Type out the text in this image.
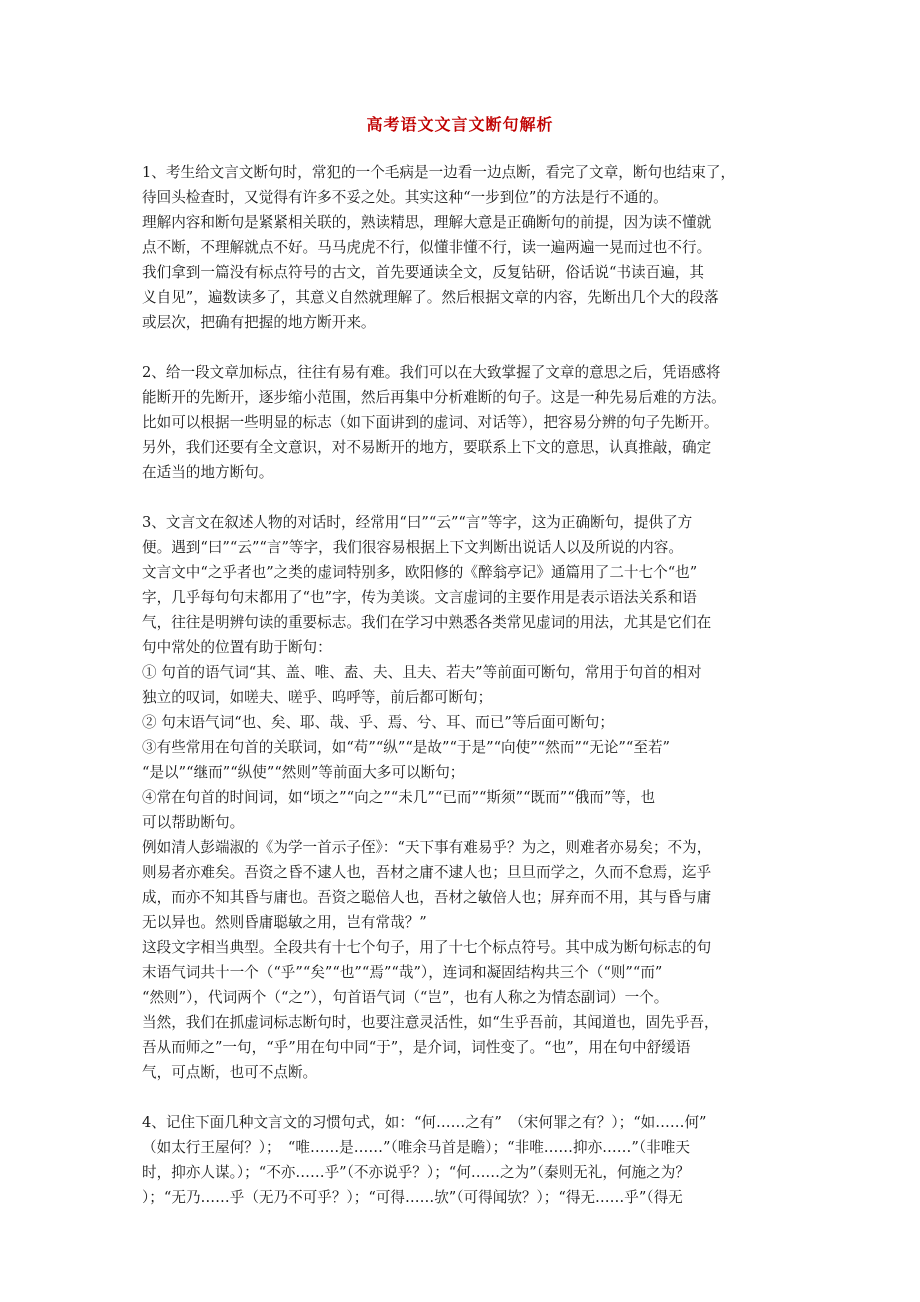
高考语文文言文断句解析
1、考生给文言文断句时，常犯的一个毛病是一边看一边点断，看完了文章，断句也结束了，
待回头检查时，又觉得有许多不妥之处。其实这种“一步到位”的方法是行不通的。
理解内容和断句是紧紧相关联的，熟读精思，理解大意是正确断句的前提，因为读不懂就
点不断，不理解就点不好。马马虎虎不行，似懂非懂不行，读一遍两遍一晃而过也不行。
我们拿到一篇没有标点符号的古文，首先要通读全文，反复钻研，俗话说“书读百遍，其
义自见”，遍数读多了，其意义自然就理解了。然后根据文章的内容，先断出几个大的段落
或层次，把确有把握的地方断开来。
2、给一段文章加标点，往往有易有难。我们可以在大致掌握了文章的意思之后，凭语感将
能断开的先断开，逐步缩小范围，然后再集中分析难断的句子。这是一种先易后难的方法。
比如可以根据一些明显的标志（如下面讲到的虚词、对话等），把容易分辨的句子先断开。
另外，我们还要有全文意识，对不易断开的地方，要联系上下文的意思，认真推敲，确定
在适当的地方断句。
3、文言文在叙述人物的对话时，经常用“曰”“云”“言”等字，这为正确断句，提供了方
便。遇到“曰”“云”“言”等字，我们很容易根据上下文判断出说话人以及所说的内容。
文言文中“之乎者也”之类的虚词特别多，欧阳修的《醉翁亭记》通篇用了二十七个“也”
字，几乎每句句末都用了“也”字，传为美谈。文言虚词的主要作用是表示语法关系和语
气，往往是明辨句读的重要标志。我们在学习中熟悉各类常见虚词的用法，尤其是它们在
句中常处的位置有助于断句：
① 句首的语气词“其、盖、唯、盍、夫、且夫、若夫”等前面可断句，常用于句首的相对
独立的叹词，如嗟夫、嗟乎、呜呼等，前后都可断句；
② 句末语气词“也、矣、耶、哉、乎、焉、兮、耳、而已”等后面可断句；
③有些常用在句首的关联词，如“苟”“纵”“是故”“于是”“向使”“然而”“无论”“至若”
“是以”“继而”“纵使”“然则”等前面大多可以断句；
④常在句首的时间词，如“顷之”“向之”“未几”“已而”“斯须”“既而”“俄而”等，也
可以帮助断句。
例如清人彭端淑的《为学一首示子侄》：“天下事有难易乎？为之，则难者亦易矣；不为，
则易者亦难矣。吾资之昏不逮人也，吾材之庸不逮人也；旦旦而学之，久而不怠焉，迄乎
成，而亦不知其昏与庸也。吾资之聪倍人也，吾材之敏倍人也；屏弃而不用，其与昏与庸
无以异也。然则昏庸聪敏之用，岂有常哉？”
这段文字相当典型。全段共有十七个句子，用了十七个标点符号。其中成为断句标志的句
末语气词共十一个（“乎”“矣”“也”“焉”“哉”），连词和凝固结构共三个（“则”“而”
“然则”），代词两个（“之”），句首语气词（“岂”，也有人称之为情态副词）一个。
当然，我们在抓虚词标志断句时，也要注意灵活性，如“生乎吾前，其闻道也，固先乎吾，
吾从而师之”一句，“乎”用在句中同“于”，是介词，词性变了。“也”，用在句中舒缓语
气，可点断，也可不点断。
4、记住下面几种文言文的习惯句式，如：“何……之有”　（宋何罪之有？）；“如……何”
（如太行王屋何？）；　“唯……是……”（唯余马首是瞻）；“非唯……抑亦……”（非唯天
时，抑亦人谋。）；“不亦……乎”（不亦说乎？）；“何……之为”（秦则无礼，何施之为？
）；“无乃……乎（无乃不可乎？）；“可得……欤”（可得闻欤？）；“得无……乎”（得无
